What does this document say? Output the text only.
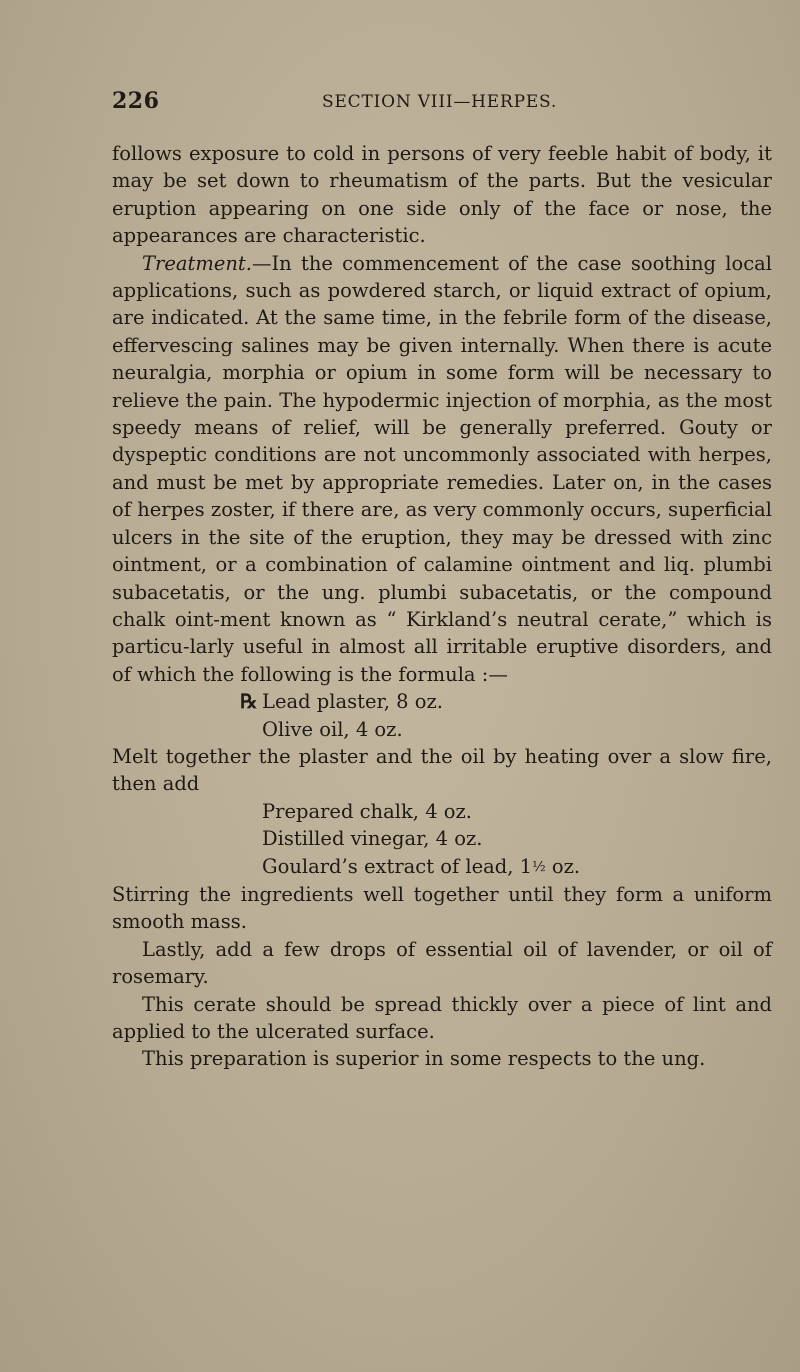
226	SECTION VIII—HERPES.

follows exposure to cold in persons of very feeble habit of body, it may be set down to rheumatism of the parts. But the vesicular eruption appearing on one side only of the face or nose, the appearances are characteristic.

Treatment.—In the commencement of the case soothing local applications, such as powdered starch, or liquid extract of opium, are indicated. At the same time, in the febrile form of the disease, effervescing salines may be given internally. When there is acute neuralgia, morphia or opium in some form will be necessary to relieve the pain. The hypodermic injection of morphia, as the most speedy means of relief, will be generally preferred. Gouty or dyspeptic conditions are not uncommonly associated with herpes, and must be met by appropriate remedies. Later on, in the cases of herpes zoster, if there are, as very commonly occurs, superficial ulcers in the site of the eruption, they may be dressed with zinc ointment, or a combination of calamine ointment and liq. plumbi subacetatis, or the ung. plumbi subacetatis, or the compound chalk oint-ment known as “ Kirkland’s neutral cerate,” which is particu-larly useful in almost all irritable eruptive disorders, and of which the following is the formula :—

℞ Lead plaster, 8 oz.
Olive oil, 4 oz.

Melt together the plaster and the oil by heating over a slow fire, then add

Prepared chalk, 4 oz.
Distilled vinegar, 4 oz.
Goulard’s extract of lead, 1½ oz.

Stirring the ingredients well together until they form a uniform smooth mass.

Lastly, add a few drops of essential oil of lavender, or oil of rosemary.

This cerate should be spread thickly over a piece of lint and applied to the ulcerated surface.

This preparation is superior in some respects to the ung.
